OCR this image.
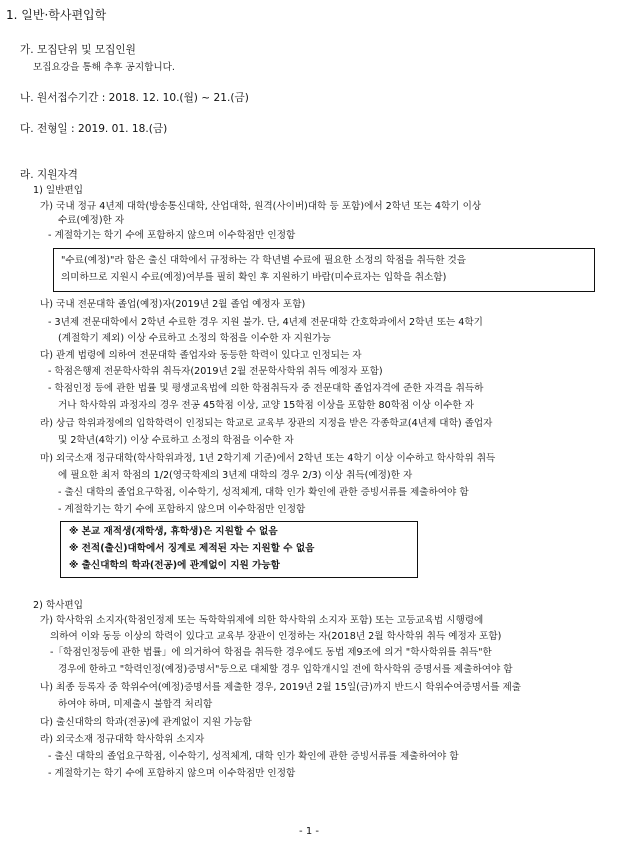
1. 일반·학사편입학
가. 모집단위 및 모집인원
모집요강을 통해 추후 공지합니다.
나. 원서접수기간 : 2018. 12. 10.(월) ~ 21.(금)
다. 전형일 : 2019. 01. 18.(금)
라. 지원자격
1) 일반편입
가) 국내 정규 4년제 대학(방송통신대학, 산업대학, 원격(사이버)대학 등 포함)에서 2학년 또는 4학기 이상
수료(예정)한 자
- 계절학기는 학기 수에 포함하지 않으며 이수학점만 인정함
"수료(예정)"라 함은 출신 대학에서 규정하는 각 학년별 수료에 필요한 소정의 학점을 취득한 것을
의미하므로 지원시 수료(예정)여부를 필히 확인 후 지원하기 바람(미수료자는 입학을 취소함)
나) 국내 전문대학 졸업(예정)자(2019년 2월 졸업 예정자 포함)
- 3년제 전문대학에서 2학년 수료한 경우 지원 불가. 단, 4년제 전문대학 간호학과에서 2학년 또는 4학기
(계절학기 제외) 이상 수료하고 소정의 학점을 이수한 자 지원가능
다) 관계 법령에 의하여 전문대학 졸업자와 동등한 학력이 있다고 인정되는 자
- 학점은행제 전문학사학위 취득자(2019년 2월 전문학사학위 취득 예정자 포함)
- 학점인정 등에 관한 법률 및 평생교육법에 의한 학점취득자 중 전문대학 졸업자격에 준한 자격을 취득하
거나 학사학위 과정자의 경우 전공 45학점 이상, 교양 15학점 이상을 포함한 80학점 이상 이수한 자
라) 상급 학위과정에의 입학학력이 인정되는 학교로 교육부 장관의 지정을 받은 각종학교(4년제 대학) 졸업자
및 2학년(4학기) 이상 수료하고 소정의 학점을 이수한 자
마) 외국소재 정규대학(학사학위과정, 1년 2학기제 기준)에서 2학년 또는 4학기 이상 이수하고 학사학위 취득
에 필요한 최저 학점의 1/2(영국학제의 3년제 대학의 경우 2/3) 이상 취득(예정)한 자
- 출신 대학의 졸업요구학점, 이수학기, 성적체계, 대학 인가 확인에 관한 증빙서류를 제출하여야 함
- 계절학기는 학기 수에 포함하지 않으며 이수학점만 인정함
※ 본교 재적생(재학생, 휴학생)은 지원할 수 없음
※ 전적(출신)대학에서 징계로 제적된 자는 지원할 수 없음
※ 출신대학의 학과(전공)에 관계없이 지원 가능함
2) 학사편입
가) 학사학위 소지자(학점인정제 또는 독학학위제에 의한 학사학위 소지자 포함) 또는 고등교육법 시행령에
의하여 이와 동등 이상의 학력이 있다고 교육부 장관이 인정하는 자(2018년 2월 학사학위 취득 예정자 포함)
-「학점인정등에 관한 법률」에 의거하여 학점을 취득한 경우에도 동법 제9조에 의거 "학사학위를 취득"한
경우에 한하고 "학력인정(예정)증명서"등으로 대체할 경우 입학개시일 전에 학사학위 증명서를 제출하여야 함
나) 최종 등록자 중 학위수여(예정)증명서를 제출한 경우, 2019년 2월 15일(금)까지 반드시 학위수여증명서를 제출
하여야 하며, 미제출시 불합격 처리함
다) 출신대학의 학과(전공)에 관계없이 지원 가능함
라) 외국소재 정규대학 학사학위 소지자
- 출신 대학의 졸업요구학점, 이수학기, 성적체계, 대학 인가 확인에 관한 증빙서류를 제출하여야 함
- 계절학기는 학기 수에 포함하지 않으며 이수학점만 인정함
- 1 -
